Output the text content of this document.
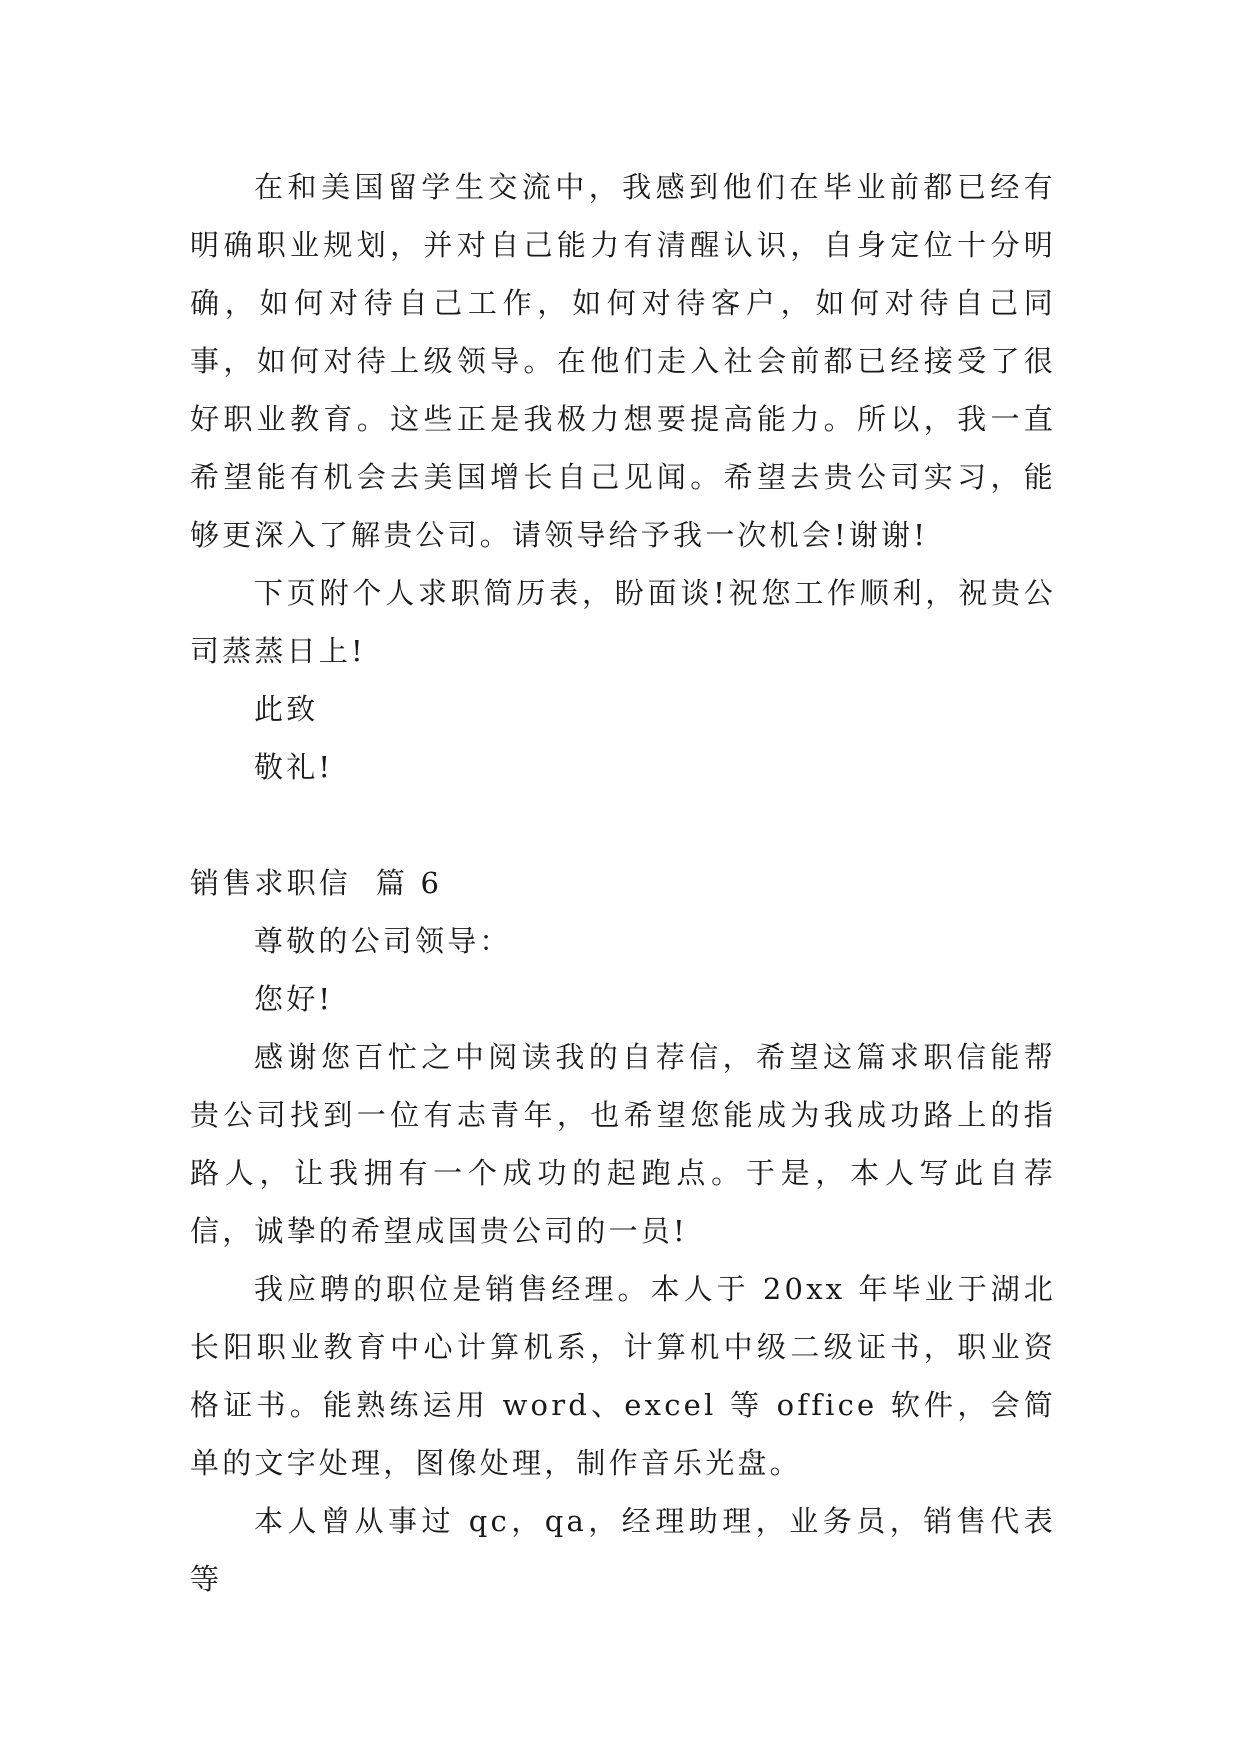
在和美国留学生交流中，我感到他们在毕业前都已经有明确职业规划，并对自己能力有清醒认识，自身定位十分明确，如何对待自己工作，如何对待客户，如何对待自己同事，如何对待上级领导。在他们走入社会前都已经接受了很好职业教育。这些正是我极力想要提高能力。所以，我一直希望能有机会去美国增长自己见闻。希望去贵公司实习，能够更深入了解贵公司。请领导给予我一次机会!谢谢!

下页附个人求职简历表，盼面谈!祝您工作顺利，祝贵公司蒸蒸日上!

此致

敬礼!

销售求职信  篇 6

尊敬的公司领导：

您好!

感谢您百忙之中阅读我的自荐信，希望这篇求职信能帮贵公司找到一位有志青年，也希望您能成为我成功路上的指路人，让我拥有一个成功的起跑点。于是，本人写此自荐信，诚挚的希望成国贵公司的一员!

我应聘的职位是销售经理。本人于 20xx 年毕业于湖北长阳职业教育中心计算机系，计算机中级二级证书，职业资格证书。能熟练运用 word、excel 等 office 软件，会简单的文字处理，图像处理，制作音乐光盘。

本人曾从事过 qc，qa，经理助理，业务员，销售代表等
